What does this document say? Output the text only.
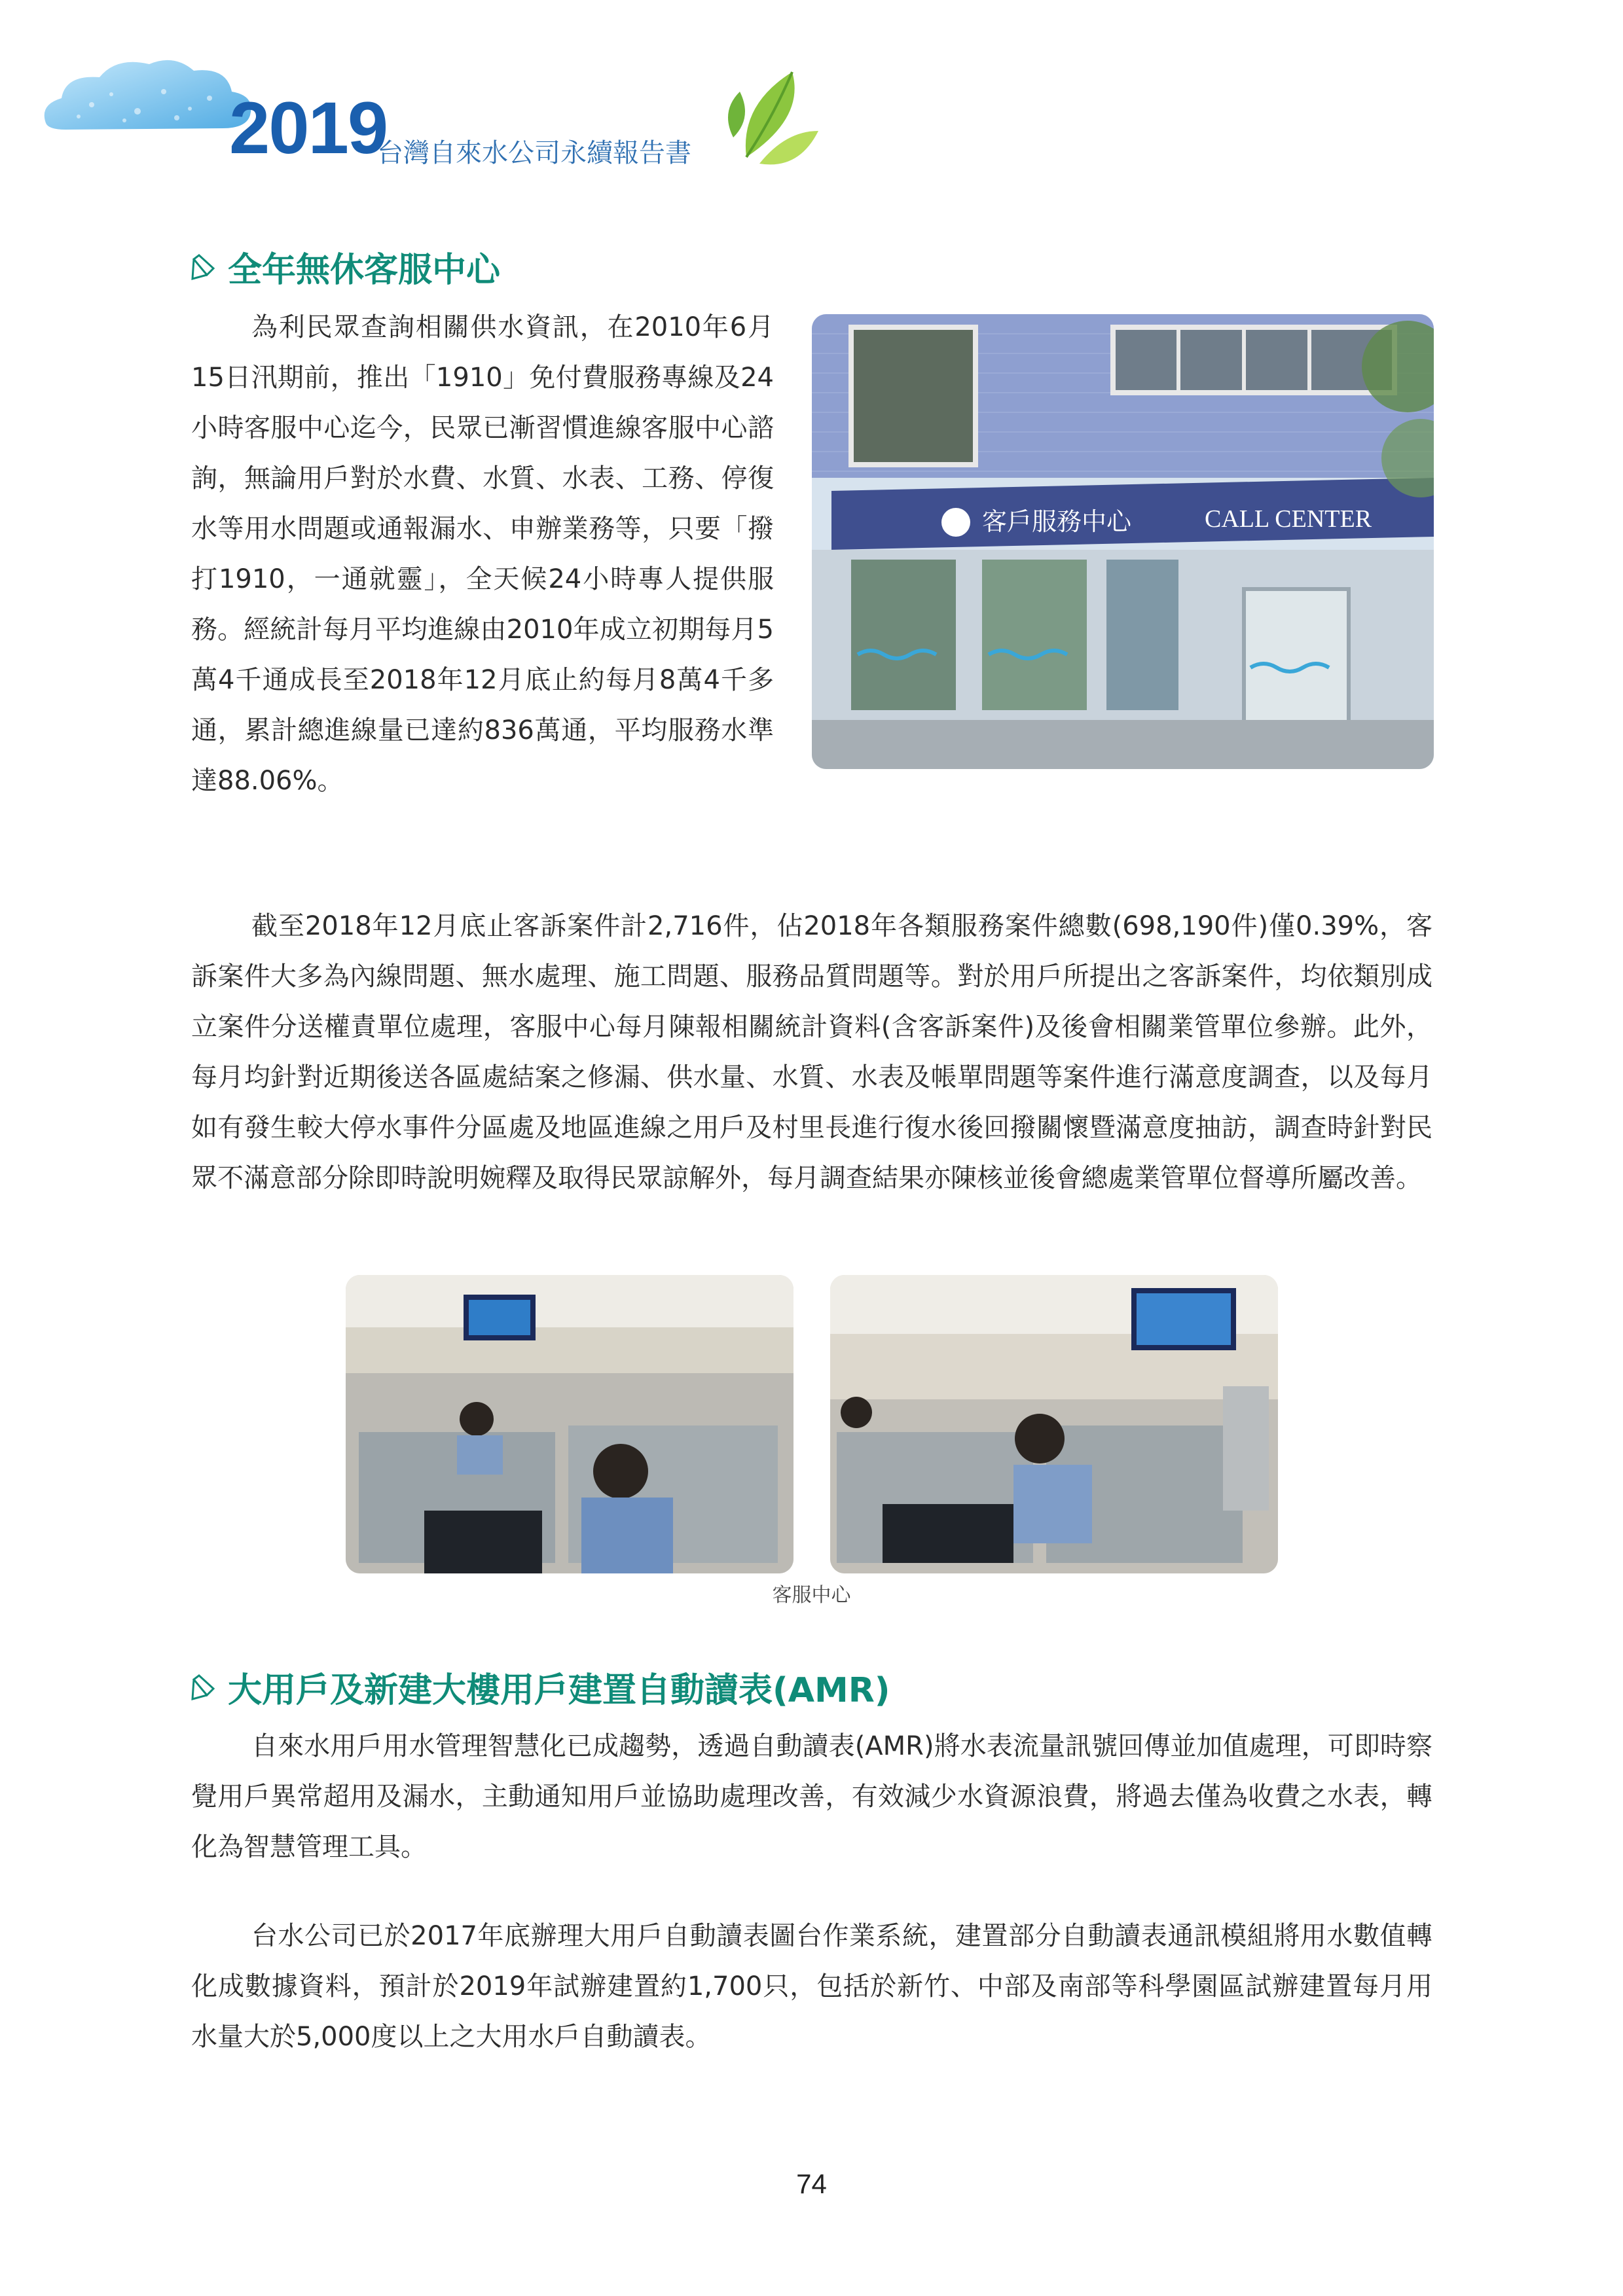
2019
台灣自來水公司永續報告書
全年無休客服中心

為利民眾查詢相關供水資訊，在2010年6月15日汛期前，推出「1910」免付費服務專線及24小時客服中心迄今，民眾已漸習慣進線客服中心諮詢，無論用戶對於水費、水質、水表、工務、停復水等用水問題或通報漏水、申辦業務等，只要「撥打1910，一通就靈」，全天候24小時專人提供服務。經統計每月平均進線由2010年成立初期每月5萬4千通成長至2018年12月底止約每月8萬4千多通，累計總進線量已達約836萬通，平均服務水準達88.06%。

客戶服務中心	CALL CENTER

截至2018年12月底止客訴案件計2,716件，佔2018年各類服務案件總數(698,190件)僅0.39%，客訴案件大多為內線問題、無水處理、施工問題、服務品質問題等。對於用戶所提出之客訴案件，均依類別成立案件分送權責單位處理，客服中心每月陳報相關統計資料(含客訴案件)及後會相關業管單位參辦。此外，每月均針對近期後送各區處結案之修漏、供水量、水質、水表及帳單問題等案件進行滿意度調查，以及每月如有發生較大停水事件分區處及地區進線之用戶及村里長進行復水後回撥關懷暨滿意度抽訪，調查時針對民眾不滿意部分除即時說明婉釋及取得民眾諒解外，每月調查結果亦陳核並後會總處業管單位督導所屬改善。

客服中心
大用戶及新建大樓用戶建置自動讀表(AMR)

自來水用戶用水管理智慧化已成趨勢，透過自動讀表(AMR)將水表流量訊號回傳並加值處理，可即時察覺用戶異常超用及漏水，主動通知用戶並協助處理改善，有效減少水資源浪費，將過去僅為收費之水表，轉化為智慧管理工具。

台水公司已於2017年底辦理大用戶自動讀表圖台作業系統，建置部分自動讀表通訊模組將用水數值轉化成數據資料，預計於2019年試辦建置約1,700只，包括於新竹、中部及南部等科學園區試辦建置每月用水量大於5,000度以上之大用水戶自動讀表。

74
